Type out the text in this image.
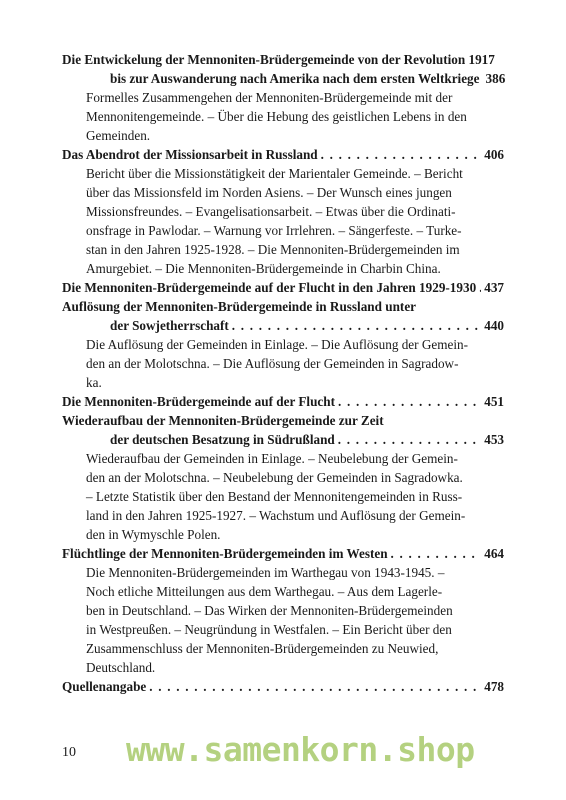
Die Entwickelung der Mennoniten-Brüdergemeinde von der Revolution 1917
bis zur Auswanderung nach Amerika nach dem ersten Weltkriege 386
Formelles Zusammengehen der Mennoniten-Brüdergemeinde mit der
Mennonitengemeinde. – Über die Hebung des geistlichen Lebens in den
Gemeinden.
Das Abendrot der Missionsarbeit in Russland . . .	406
Bericht über die Missionstätigkeit der Marientaler Gemeinde. – Bericht
über das Missionsfeld im Norden Asiens. – Der Wunsch eines jungen
Missionsfreundes. – Evangelisationsarbeit. – Etwas über die Ordinati-
onsfrage in Pawlodar. – Warnung vor Irrlehren. – Sängerfeste. – Turke-
stan in den Jahren 1925-1928. – Die Mennoniten-Brüdergemeinden im
Amurgebiet. – Die Mennoniten-Brüdergemeinde in Charbin China.
Die Mennoniten-Brüdergemeinde auf der Flucht in den Jahren 1929-1930 . . . 437
Auflösung der Mennoniten-Brüdergemeinde in Russland unter
der Sowjetherrschaft . . .	440
Die Auflösung der Gemeinden in Einlage. – Die Auflösung der Gemein-
den an der Molotschna. – Die Auflösung der Gemeinden in Sagradow-
ka.
Die Mennoniten-Brüdergemeinde auf der Flucht . . .	451
Wiederaufbau der Mennoniten-Brüdergemeinde zur Zeit
der deutschen Besatzung in Südrußland . . .	453
Wiederaufbau der Gemeinden in Einlage. – Neubelebung der Gemein-
den an der Molotschna. – Neubelebung der Gemeinden in Sagradowka.
– Letzte Statistik über den Bestand der Mennonitengemeinden in Russ-
land in den Jahren 1925-1927. – Wachstum und Auflösung der Gemein-
den in Wymyschle Polen.
Flüchtlinge der Mennoniten-Brüdergemeinden im Westen . . .	464
Die Mennoniten-Brüdergemeinden im Warthegau von 1943-1945. –
Noch etliche Mitteilungen aus dem Warthegau. – Aus dem Lagerle-
ben in Deutschland. – Das Wirken der Mennoniten-Brüdergemeinden
in Westpreußen. – Neugründung in Westfalen. – Ein Bericht über den
Zusammenschluss der Mennoniten-Brüdergemeinden zu Neuwied,
Deutschland.
Quellenangabe . . .	478
10 www.samenkorn.shop
